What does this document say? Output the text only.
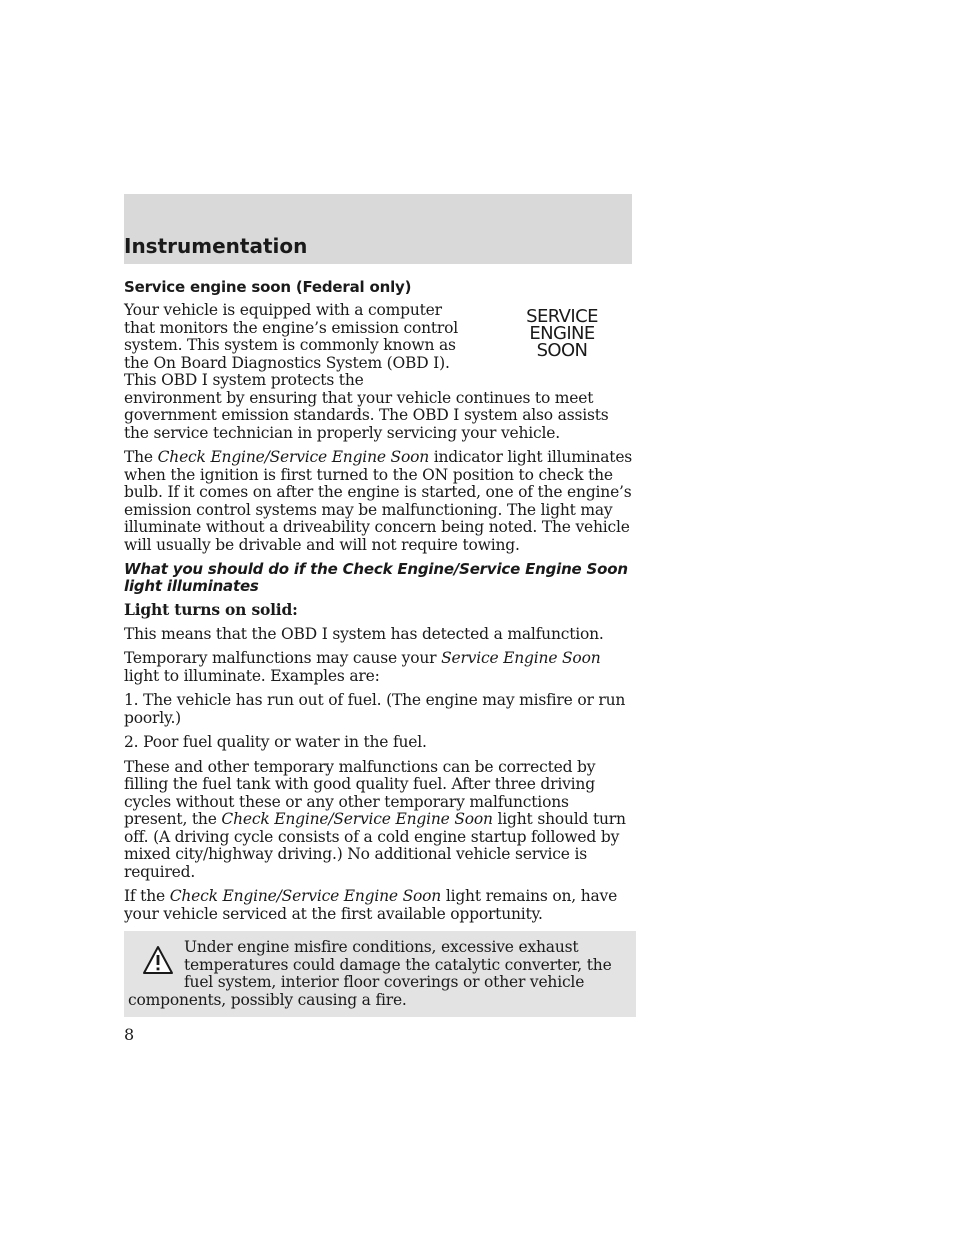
Instrumentation
Service engine soon (Federal only)
SERVICE
ENGINE
SOON

Your vehicle is equipped with a computer that monitors the engine’s emission control system. This system is commonly known as the On Board Diagnostics System (OBD I). This OBD I system protects the environment by ensuring that your vehicle continues to meet government emission standards. The OBD I system also assists the service technician in properly servicing your vehicle.

The Check Engine/Service Engine Soon indicator light illuminates when the ignition is first turned to the ON position to check the bulb. If it comes on after the engine is started, one of the engine’s emission control systems may be malfunctioning. The light may illuminate without a driveability concern being noted. The vehicle will usually be drivable and will not require towing.

What you should do if the Check Engine/Service Engine Soon light illuminates

Light turns on solid:

This means that the OBD I system has detected a malfunction.

Temporary malfunctions may cause your Service Engine Soon light to illuminate. Examples are:

1. The vehicle has run out of fuel. (The engine may misfire or run poorly.)

2. Poor fuel quality or water in the fuel.

These and other temporary malfunctions can be corrected by filling the fuel tank with good quality fuel. After three driving cycles without these or any other temporary malfunctions present, the Check Engine/Service Engine Soon light should turn off. (A driving cycle consists of a cold engine startup followed by mixed city/highway driving.) No additional vehicle service is required.

If the Check Engine/Service Engine Soon light remains on, have your vehicle serviced at the first available opportunity.

Under engine misfire conditions, excessive exhaust temperatures could damage the catalytic converter, the fuel system, interior floor coverings or other vehicle components, possibly causing a fire.

8
